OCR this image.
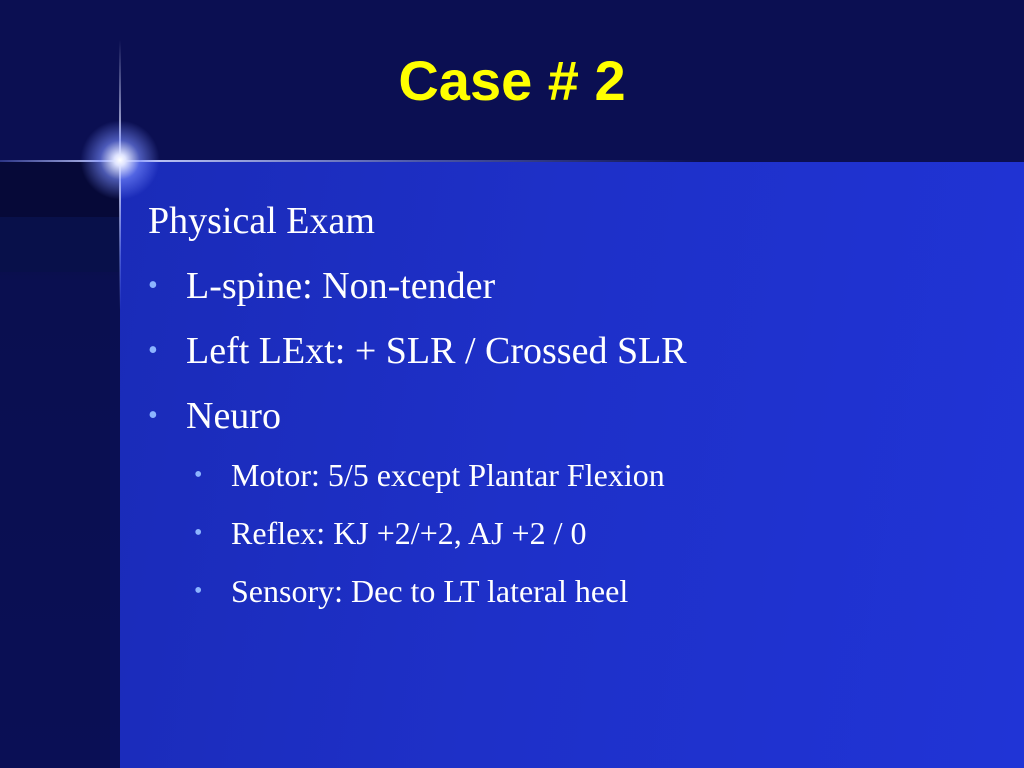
Case # 2

Physical Exam

• L-spine: Non-tender
• Left LExt: + SLR / Crossed SLR
• Neuro
• Motor: 5/5 except Plantar Flexion
• Reflex: KJ +2/+2, AJ +2 / 0
• Sensory: Dec to LT lateral heel
